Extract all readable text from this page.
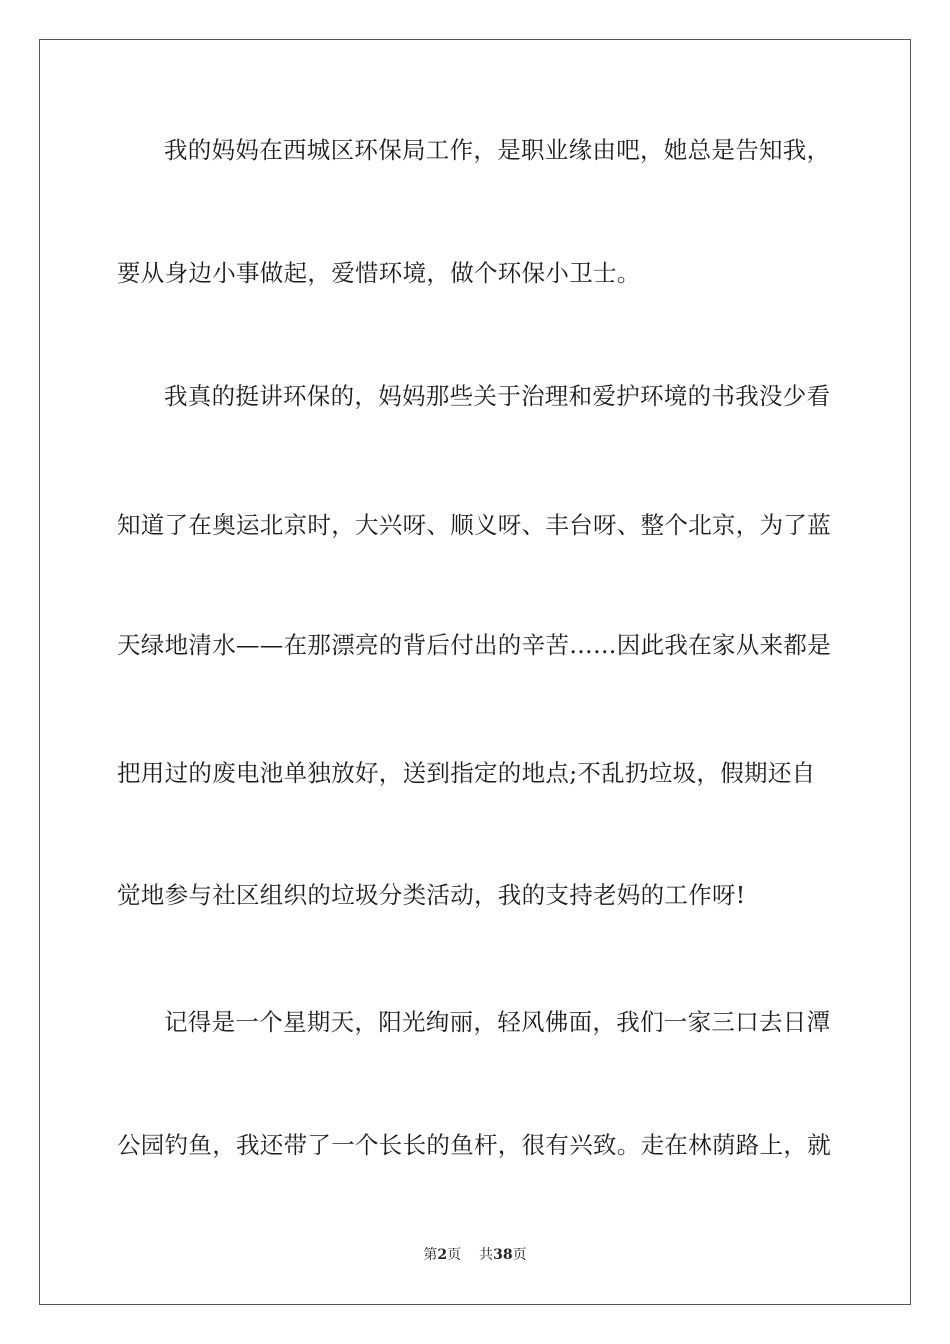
我的妈妈在西城区环保局工作，是职业缘由吧，她总是告知我，
要从身边小事做起，爱惜环境，做个环保小卫士。
我真的挺讲环保的，妈妈那些关于治理和爱护环境的书我没少看
知道了在奥运北京时，大兴呀、顺义呀、丰台呀、整个北京，为了蓝
天绿地清水——在那漂亮的背后付出的辛苦……因此我在家从来都是
把用过的废电池单独放好，送到指定的地点;不乱扔垃圾，假期还自
觉地参与社区组织的垃圾分类活动，我的支持老妈的工作呀!
记得是一个星期天，阳光绚丽，轻风佛面，我们一家三口去日潭
公园钓鱼，我还带了一个长长的鱼杆，很有兴致。走在林荫路上，就
第2页 共38页
